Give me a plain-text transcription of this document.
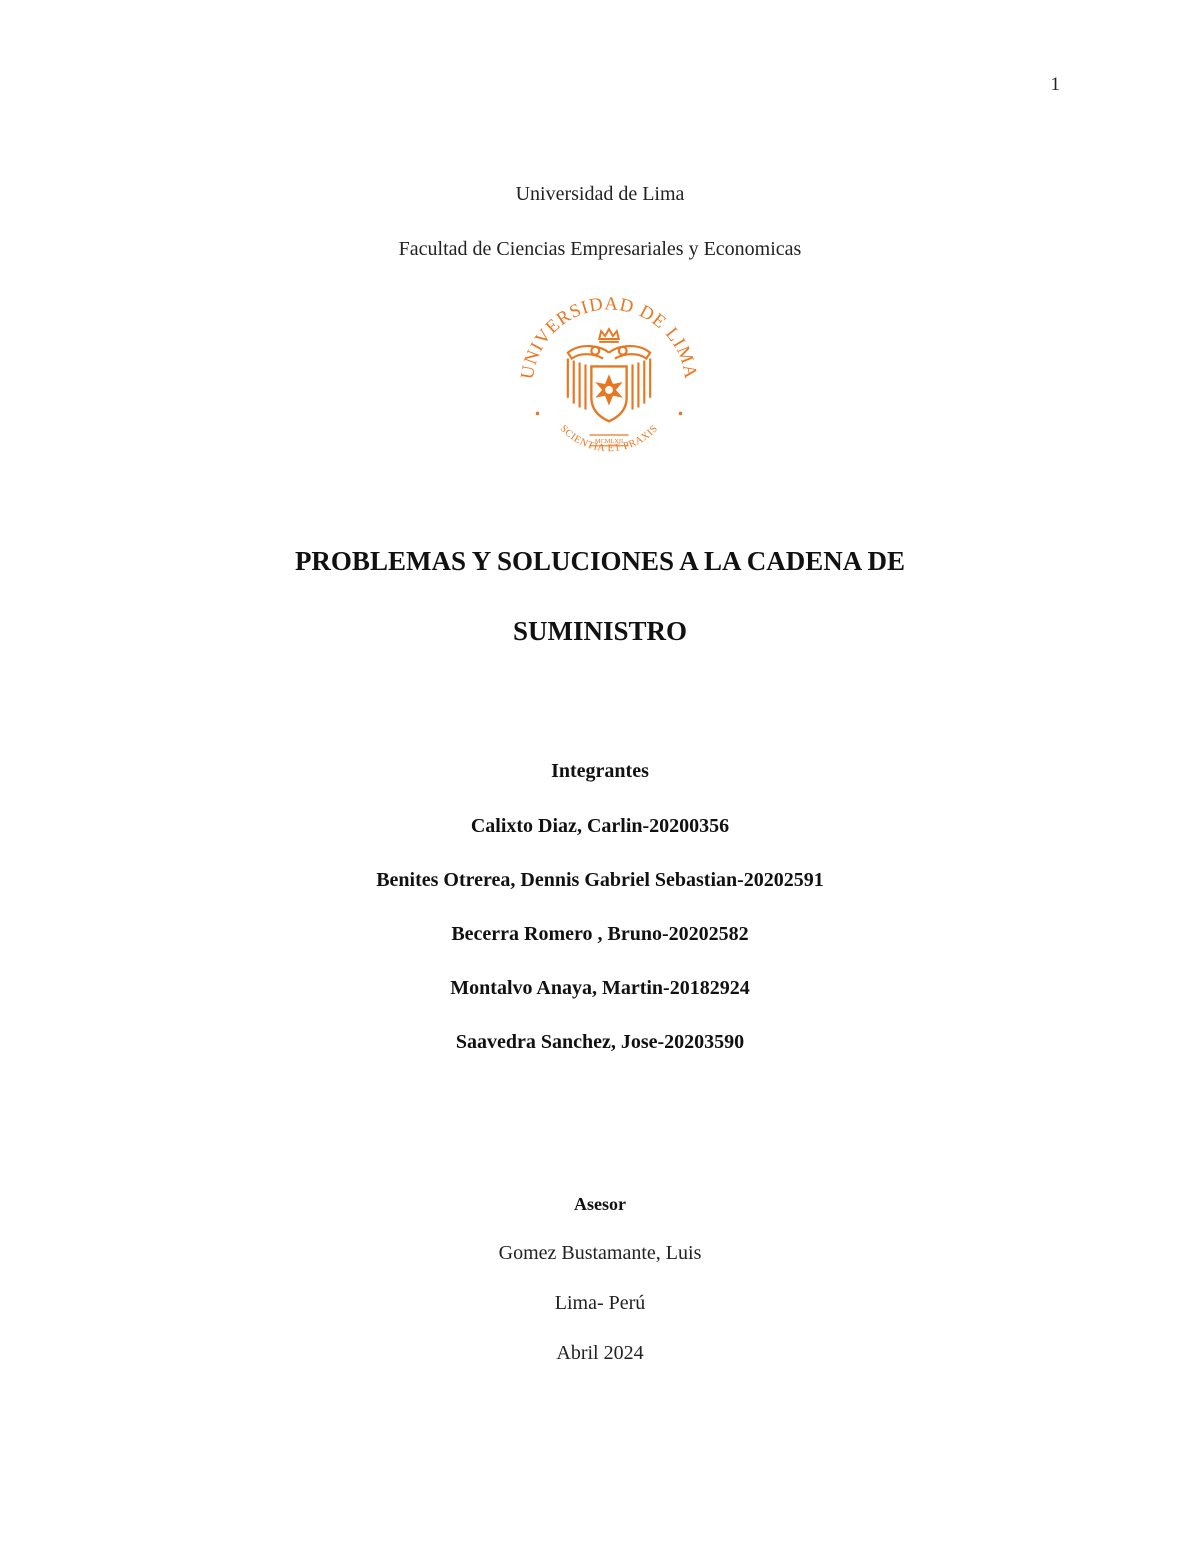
1
Universidad de Lima
Facultad de Ciencias Empresariales y Economicas
UNIVERSIDAD DE LIMA
SCIENTIA ET PRAXIS
MCMLXII
PROBLEMAS Y SOLUCIONES A LA CADENA DE
SUMINISTRO
Integrantes
Calixto Diaz, Carlin-20200356
Benites Otrerea, Dennis Gabriel Sebastian-20202591
Becerra Romero , Bruno-20202582
Montalvo Anaya, Martin-20182924
Saavedra Sanchez, Jose-20203590
Asesor
Gomez Bustamante, Luis
Lima- Perú
Abril 2024
